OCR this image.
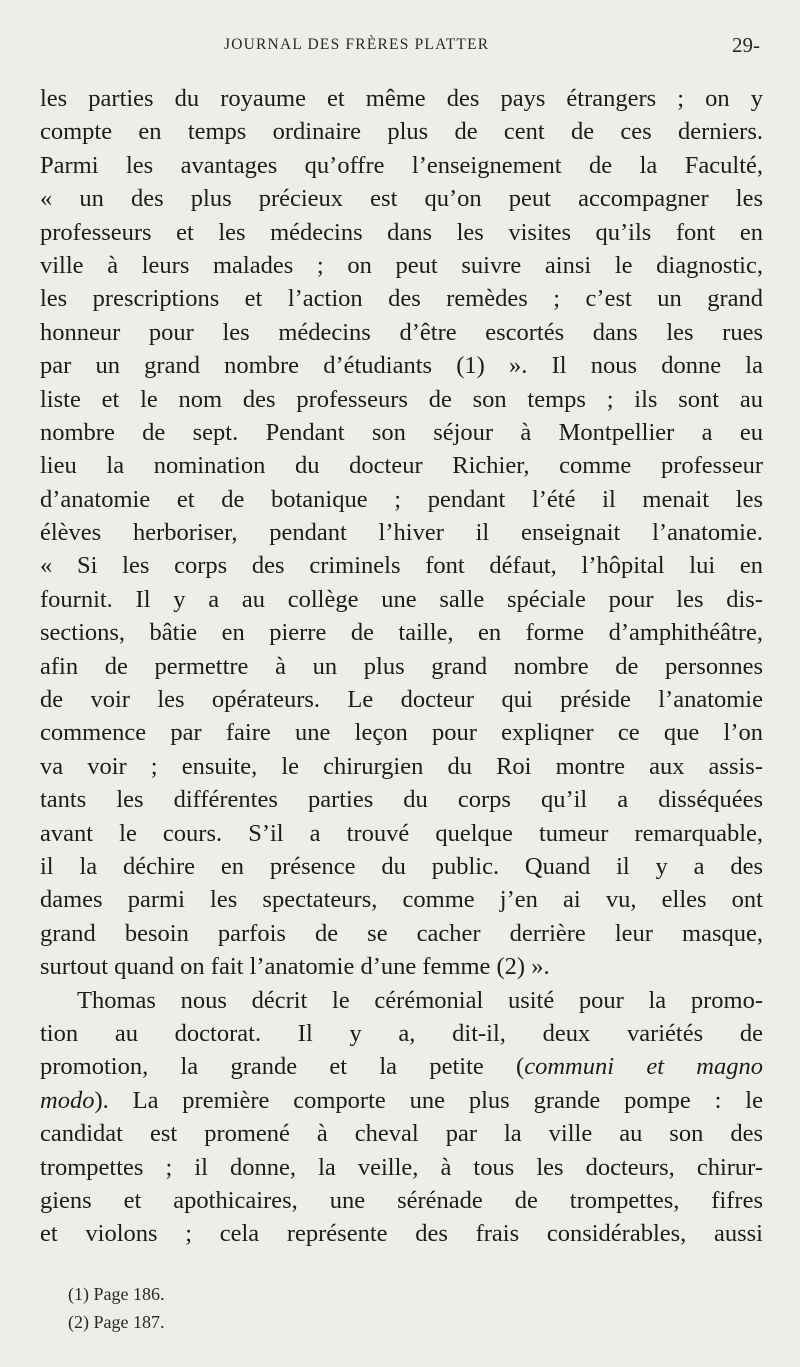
JOURNAL DES FRÈRES PLATTER	29-
les parties du royaume et même des pays étrangers ; on y
compte en temps ordinaire plus de cent de ces derniers.
Parmi les avantages qu’offre l’enseignement de la Faculté,
« un des plus précieux est qu’on peut accompagner les
professeurs et les médecins dans les visites qu’ils font en
ville à leurs malades ; on peut suivre ainsi le diagnostic,
les prescriptions et l’action des remèdes ; c’est un grand
honneur pour les médecins d’être escortés dans les rues
par un grand nombre d’étudiants (1) ». Il nous donne la
liste et le nom des professeurs de son temps ; ils sont au
nombre de sept. Pendant son séjour à Montpellier a eu
lieu la nomination du docteur Richier, comme professeur
d’anatomie et de botanique ; pendant l’été il menait les
élèves herboriser, pendant l’hiver il enseignait l’anatomie.
« Si les corps des criminels font défaut, l’hôpital lui en
fournit. Il y a au collège une salle spéciale pour les dis-
sections, bâtie en pierre de taille, en forme d’amphithéâtre,
afin de permettre à un plus grand nombre de personnes
de voir les opérateurs. Le docteur qui préside l’anatomie
commence par faire une leçon pour expliqner ce que l’on
va voir ; ensuite, le chirurgien du Roi montre aux assis-
tants les différentes parties du corps qu’il a disséquées
avant le cours. S’il a trouvé quelque tumeur remarquable,
il la déchire en présence du public. Quand il y a des
dames parmi les spectateurs, comme j’en ai vu, elles ont
grand besoin parfois de se cacher derrière leur masque,
surtout quand on fait l’anatomie d’une femme (2) ».
Thomas nous décrit le cérémonial usité pour la promo-
tion au doctorat. Il y a, dit-il, deux variétés de
promotion, la grande et la petite (communi et magno
modo). La première comporte une plus grande pompe : le
candidat est promené à cheval par la ville au son des
trompettes ; il donne, la veille, à tous les docteurs, chirur-
giens et apothicaires, une sérénade de trompettes, fifres
et violons ; cela représente des frais considérables, aussi
(1) Page 186.
(2) Page 187.
